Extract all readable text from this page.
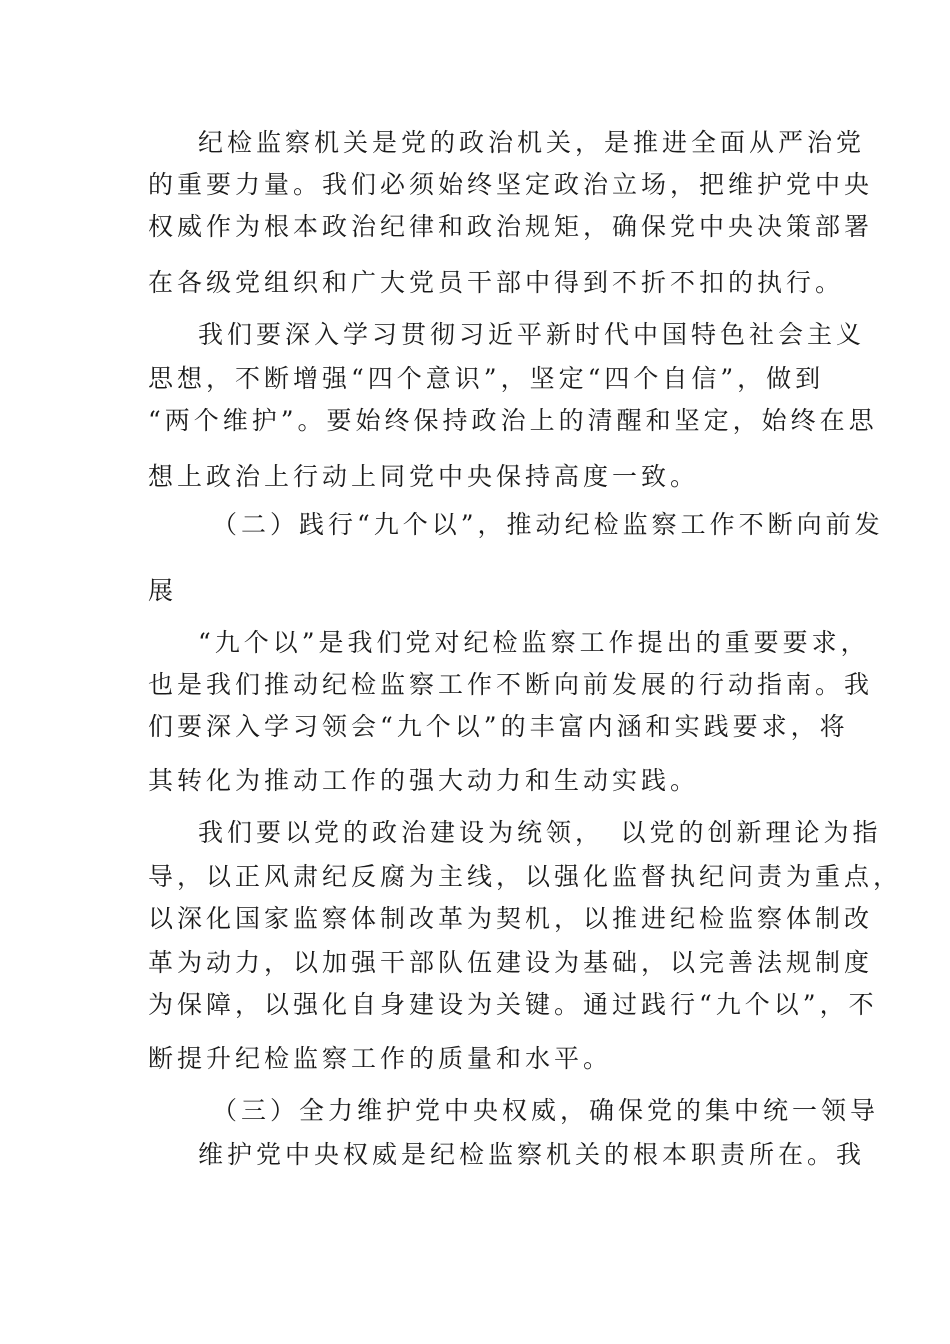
纪检监察机关是党的政治机关，是推进全面从严治党
的重要力量。我们必须始终坚定政治立场，把维护党中央
权威作为根本政治纪律和政治规矩，确保党中央决策部署
在各级党组织和广大党员干部中得到不折不扣的执行。
我们要深入学习贯彻习近平新时代中国特色社会主义
思想，不断增强“四个意识”，坚定“四个自信”，做到
“两个维护”。要始终保持政治上的清醒和坚定，始终在思
想上政治上行动上同党中央保持高度一致。
（二）践行“九个以”，推动纪检监察工作不断向前发
展
“九个以”是我们党对纪检监察工作提出的重要要求，
也是我们推动纪检监察工作不断向前发展的行动指南。我
们要深入学习领会“九个以”的丰富内涵和实践要求，将
其转化为推动工作的强大动力和生动实践。
我们要以党的政治建设为统领，　以党的创新理论为指
导，以正风肃纪反腐为主线，以强化监督执纪问责为重点，
以深化国家监察体制改革为契机，以推进纪检监察体制改
革为动力，以加强干部队伍建设为基础，以完善法规制度
为保障，以强化自身建设为关键。通过践行“九个以”，不
断提升纪检监察工作的质量和水平。
（三）全力维护党中央权威，确保党的集中统一领导
维护党中央权威是纪检监察机关的根本职责所在。我
